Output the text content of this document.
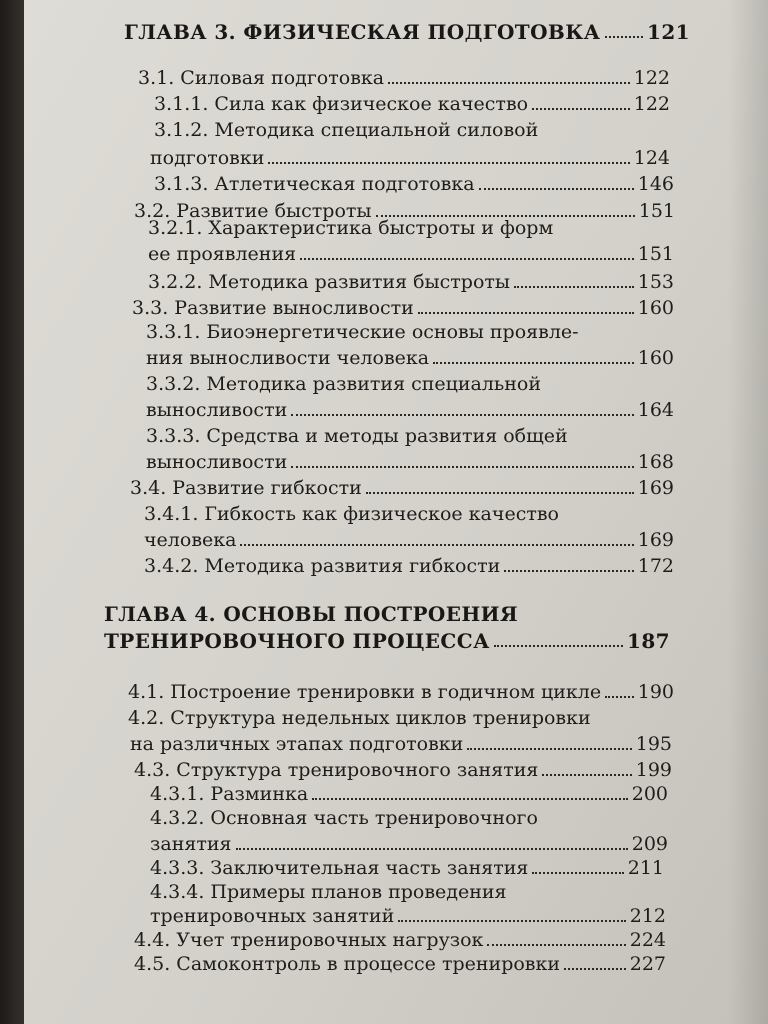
ГЛАВА 3. ФИЗИЧЕСКАЯ ПОДГОТОВКА 121
3.1. Силовая подготовка	122
3.1.1. Сила как физическое качество	122
3.1.2. Методика специальной силовой
подготовки	124
3.1.3. Атлетическая подготовка	146
3.2. Развитие быстроты	151
3.2.1. Характеристика быстроты и форм
ее проявления	151
3.2.2. Методика развития быстроты	153
3.3. Развитие выносливости	160
3.3.1. Биоэнергетические основы проявле-
ния выносливости человека	160
3.3.2. Методика развития специальной
выносливости	164
3.3.3. Средства и методы развития общей
выносливости	168
3.4. Развитие гибкости	169
3.4.1. Гибкость как физическое качество
человека	169
3.4.2. Методика развития гибкости	172
ГЛАВА 4. ОСНОВЫ ПОСТРОЕНИЯ
ТРЕНИРОВОЧНОГО ПРОЦЕССА	187
4.1. Построение тренировки в годичном цикле 190
4.2. Структура недельных циклов тренировки
на различных этапах подготовки	195
4.3. Структура тренировочного занятия	199
4.3.1. Разминка	200
4.3.2. Основная часть тренировочного
занятия	209
4.3.3. Заключительная часть занятия	211
4.3.4. Примеры планов проведения
тренировочных занятий	212
4.4. Учет тренировочных нагрузок	224
4.5. Самоконтроль в процессе тренировки	227
